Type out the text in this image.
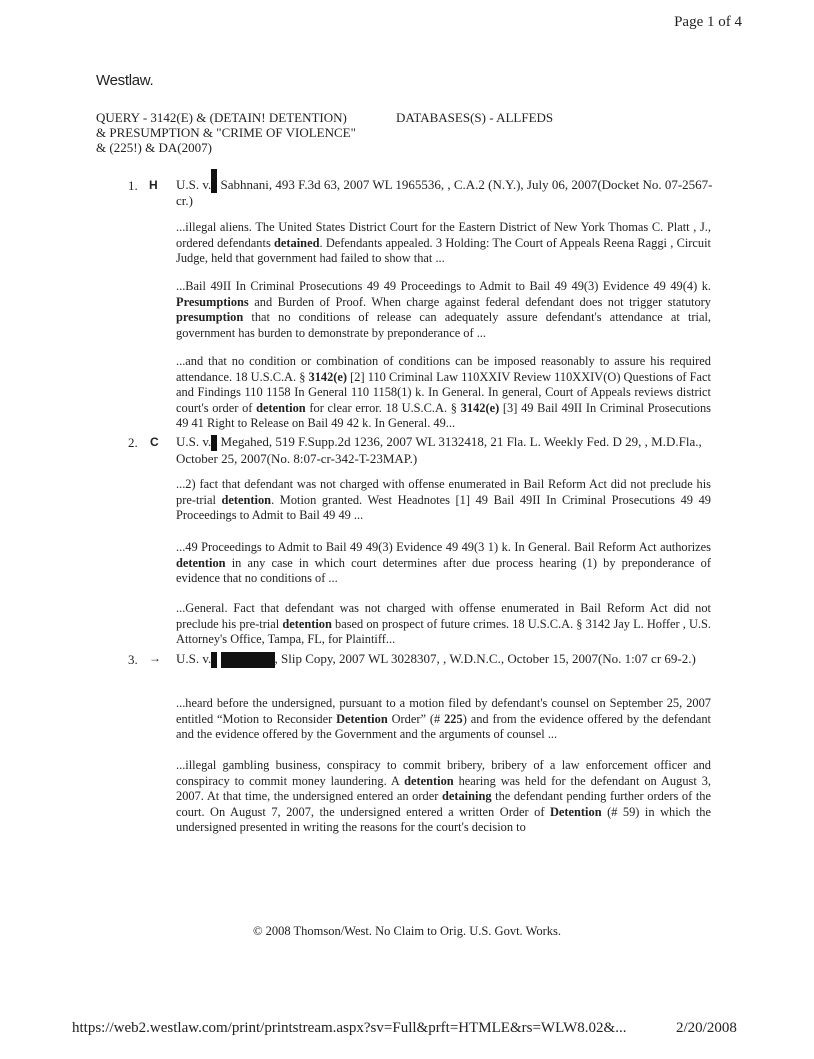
Page 1 of 4
Westlaw.
QUERY - 3142(E) & (DETAIN! DETENTION)
& PRESUMPTION & "CRIME OF VIOLENCE"
& (225!) & DA(2007)
DATABASES(S) - ALLFEDS
1. H U.S. v. Sabhnani, 493 F.3d 63, 2007 WL 1965536, , C.A.2 (N.Y.), July 06, 2007(Docket No. 07-2567-cr.)
...illegal aliens. The United States District Court for the Eastern District of New York Thomas C. Platt , J., ordered defendants detained. Defendants appealed. 3 Holding: The Court of Appeals Reena Raggi , Circuit Judge, held that government had failed to show that ...
...Bail 49II In Criminal Prosecutions 49 49 Proceedings to Admit to Bail 49 49(3) Evidence 49 49(4) k. Presumptions and Burden of Proof. When charge against federal defendant does not trigger statutory presumption that no conditions of release can adequately assure defendant's attendance at trial, government has burden to demonstrate by preponderance of ...
...and that no condition or combination of conditions can be imposed reasonably to assure his required attendance. 18 U.S.C.A. § 3142(e) [2] 110 Criminal Law 110XXIV Review 110XXIV(O) Questions of Fact and Findings 110 1158 In General 110 1158(1) k. In General. In general, Court of Appeals reviews district court's order of detention for clear error. 18 U.S.C.A. § 3142(e) [3] 49 Bail 49II In Criminal Prosecutions 49 41 Right to Release on Bail 49 42 k. In General. 49...
2. C U.S. v. Megahed, 519 F.Supp.2d 1236, 2007 WL 3132418, 21 Fla. L. Weekly Fed. D 29, , M.D.Fla., October 25, 2007(No. 8:07-cr-342-T-23MAP.)
...2) fact that defendant was not charged with offense enumerated in Bail Reform Act did not preclude his pre-trial detention. Motion granted. West Headnotes [1] 49 Bail 49II In Criminal Prosecutions 49 49 Proceedings to Admit to Bail 49 49 ...
...49 Proceedings to Admit to Bail 49 49(3) Evidence 49 49(3 1) k. In General. Bail Reform Act authorizes detention in any case in which court determines after due process hearing (1) by preponderance of evidence that no conditions of ...
...General. Fact that defendant was not charged with offense enumerated in Bail Reform Act did not preclude his pre-trial detention based on prospect of future crimes. 18 U.S.C.A. § 3142 Jay L. Hoffer , U.S. Attorney's Office, Tampa, FL, for Plaintiff...
3. → U.S. v.	, Slip Copy, 2007 WL 3028307, , W.D.N.C., October 15, 2007(No. 1:07 cr 69-2.)
...heard before the undersigned, pursuant to a motion filed by defendant's counsel on September 25, 2007 entitled “Motion to Reconsider Detention Order” (# 225) and from the evidence offered by the defendant and the evidence offered by the Government and the arguments of counsel ...
...illegal gambling business, conspiracy to commit bribery, bribery of a law enforcement officer and conspiracy to commit money laundering. A detention hearing was held for the defendant on August 3, 2007. At that time, the undersigned entered an order detaining the defendant pending further orders of the court. On August 7, 2007, the undersigned entered a written Order of Detention (# 59) in which the undersigned presented in writing the reasons for the court's decision to
© 2008 Thomson/West. No Claim to Orig. U.S. Govt. Works.
https://web2.westlaw.com/print/printstream.aspx?sv=Full&prft=HTMLE&rs=WLW8.02&...	2/20/2008
